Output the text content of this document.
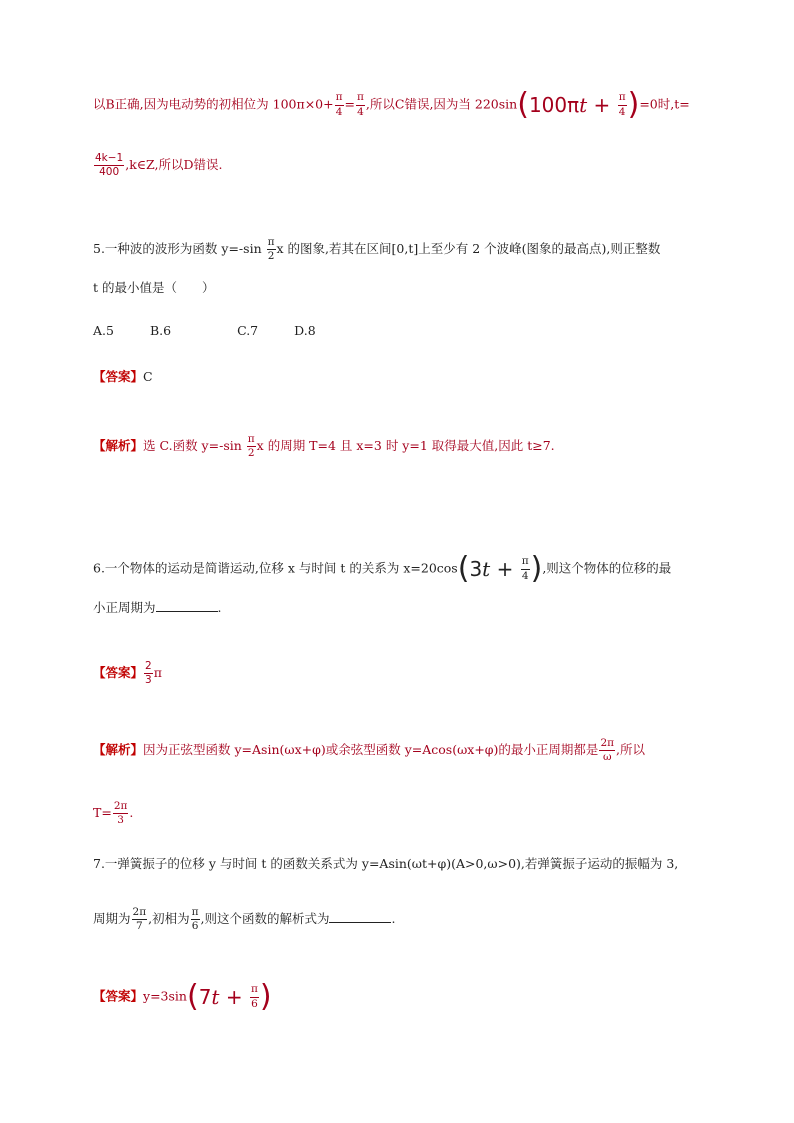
以B正确,因为电动势的初相位为 $100\pi\times 0+ \frac{\pi}{4} = \frac{\pi}{4}$ ,所以C错误,因为当 $220\sin(100\pi t + \frac{\pi}{4} )=0$时,t=
$\frac{4k-1}{400}$ ,k∈Z,所以D错误.
5.一种波的波形为函数 $y=-\sin \frac{\pi}{2}$ x 的图象,若其在区间[0,t]上至少有 2 个波峰(图象的最高点),则正整数
t 的最小值是（　　）
A.5	B.6	C.7	D.8
【答案】C
【解析】选 C.函数 $y=-\sin \frac{\pi}{2}$ x 的周期 T=4 且 x=3 时 y=1 取得最大值,因此 t≥7.
6.一个物体的运动是简谐运动,位移 x 与时间 t 的关系为 $x=20\cos(3t + \frac{\pi}{4}$ ),则这个物体的位移的最
小正周期为	.
【答案】 $\frac{2}{3}$ π
【解析】因为正弦型函数 y=Asin(ωx+φ)或余弦型函数 y=Acos(ωx+φ)的最小正周期都是 $\frac{2\pi}{\omega}$ ,所以
$T= \frac{2\pi}{3}$ .
7.一弹簧振子的位移 y 与时间 t 的函数关系式为 y=Asin(ωt+φ)(A>0,ω>0),若弹簧振子运动的振幅为 3,
周期为 $\frac{2\pi}{7}$ ,初相为 $\frac{\pi}{6}$ ,则这个函数的解析式为	.
【答案】$y=3\sin(7t + \frac{\pi}{6}$ )
